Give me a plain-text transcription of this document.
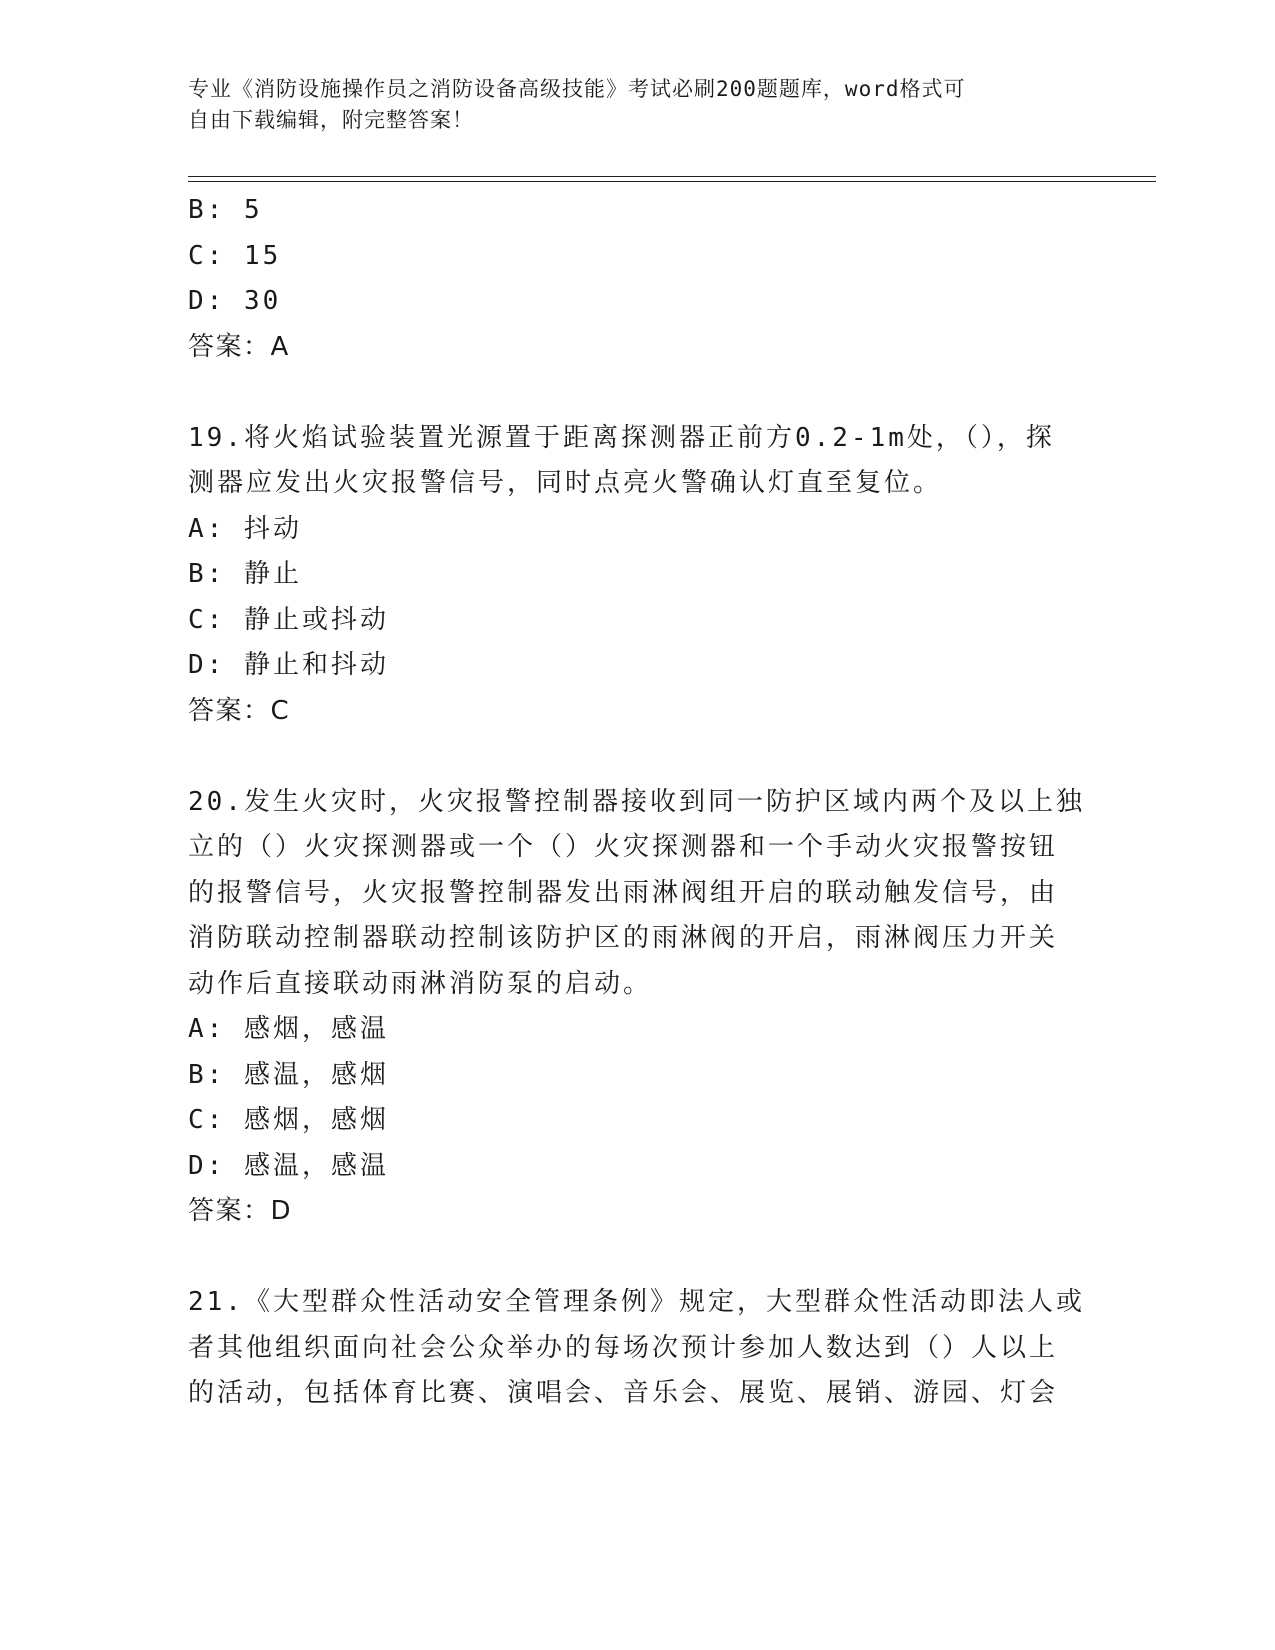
专业《消防设施操作员之消防设备高级技能》考试必刷200题题库，word格式可
自由下载编辑，附完整答案！
B: 5
C: 15
D: 30
答案：A
19.将火焰试验装置光源置于距离探测器正前方0.2-1m处，（），探
测器应发出火灾报警信号，同时点亮火警确认灯直至复位。
A: 抖动
B: 静止
C: 静止或抖动
D: 静止和抖动
答案：C
20.发生火灾时，火灾报警控制器接收到同一防护区域内两个及以上独
立的（）火灾探测器或一个（）火灾探测器和一个手动火灾报警按钮
的报警信号，火灾报警控制器发出雨淋阀组开启的联动触发信号，由
消防联动控制器联动控制该防护区的雨淋阀的开启，雨淋阀压力开关
动作后直接联动雨淋消防泵的启动。
A: 感烟，感温
B: 感温，感烟
C: 感烟，感烟
D: 感温，感温
答案：D
21.《大型群众性活动安全管理条例》规定，大型群众性活动即法人或
者其他组织面向社会公众举办的每场次预计参加人数达到（）人以上
的活动，包括体育比赛、演唱会、音乐会、展览、展销、游园、灯会
